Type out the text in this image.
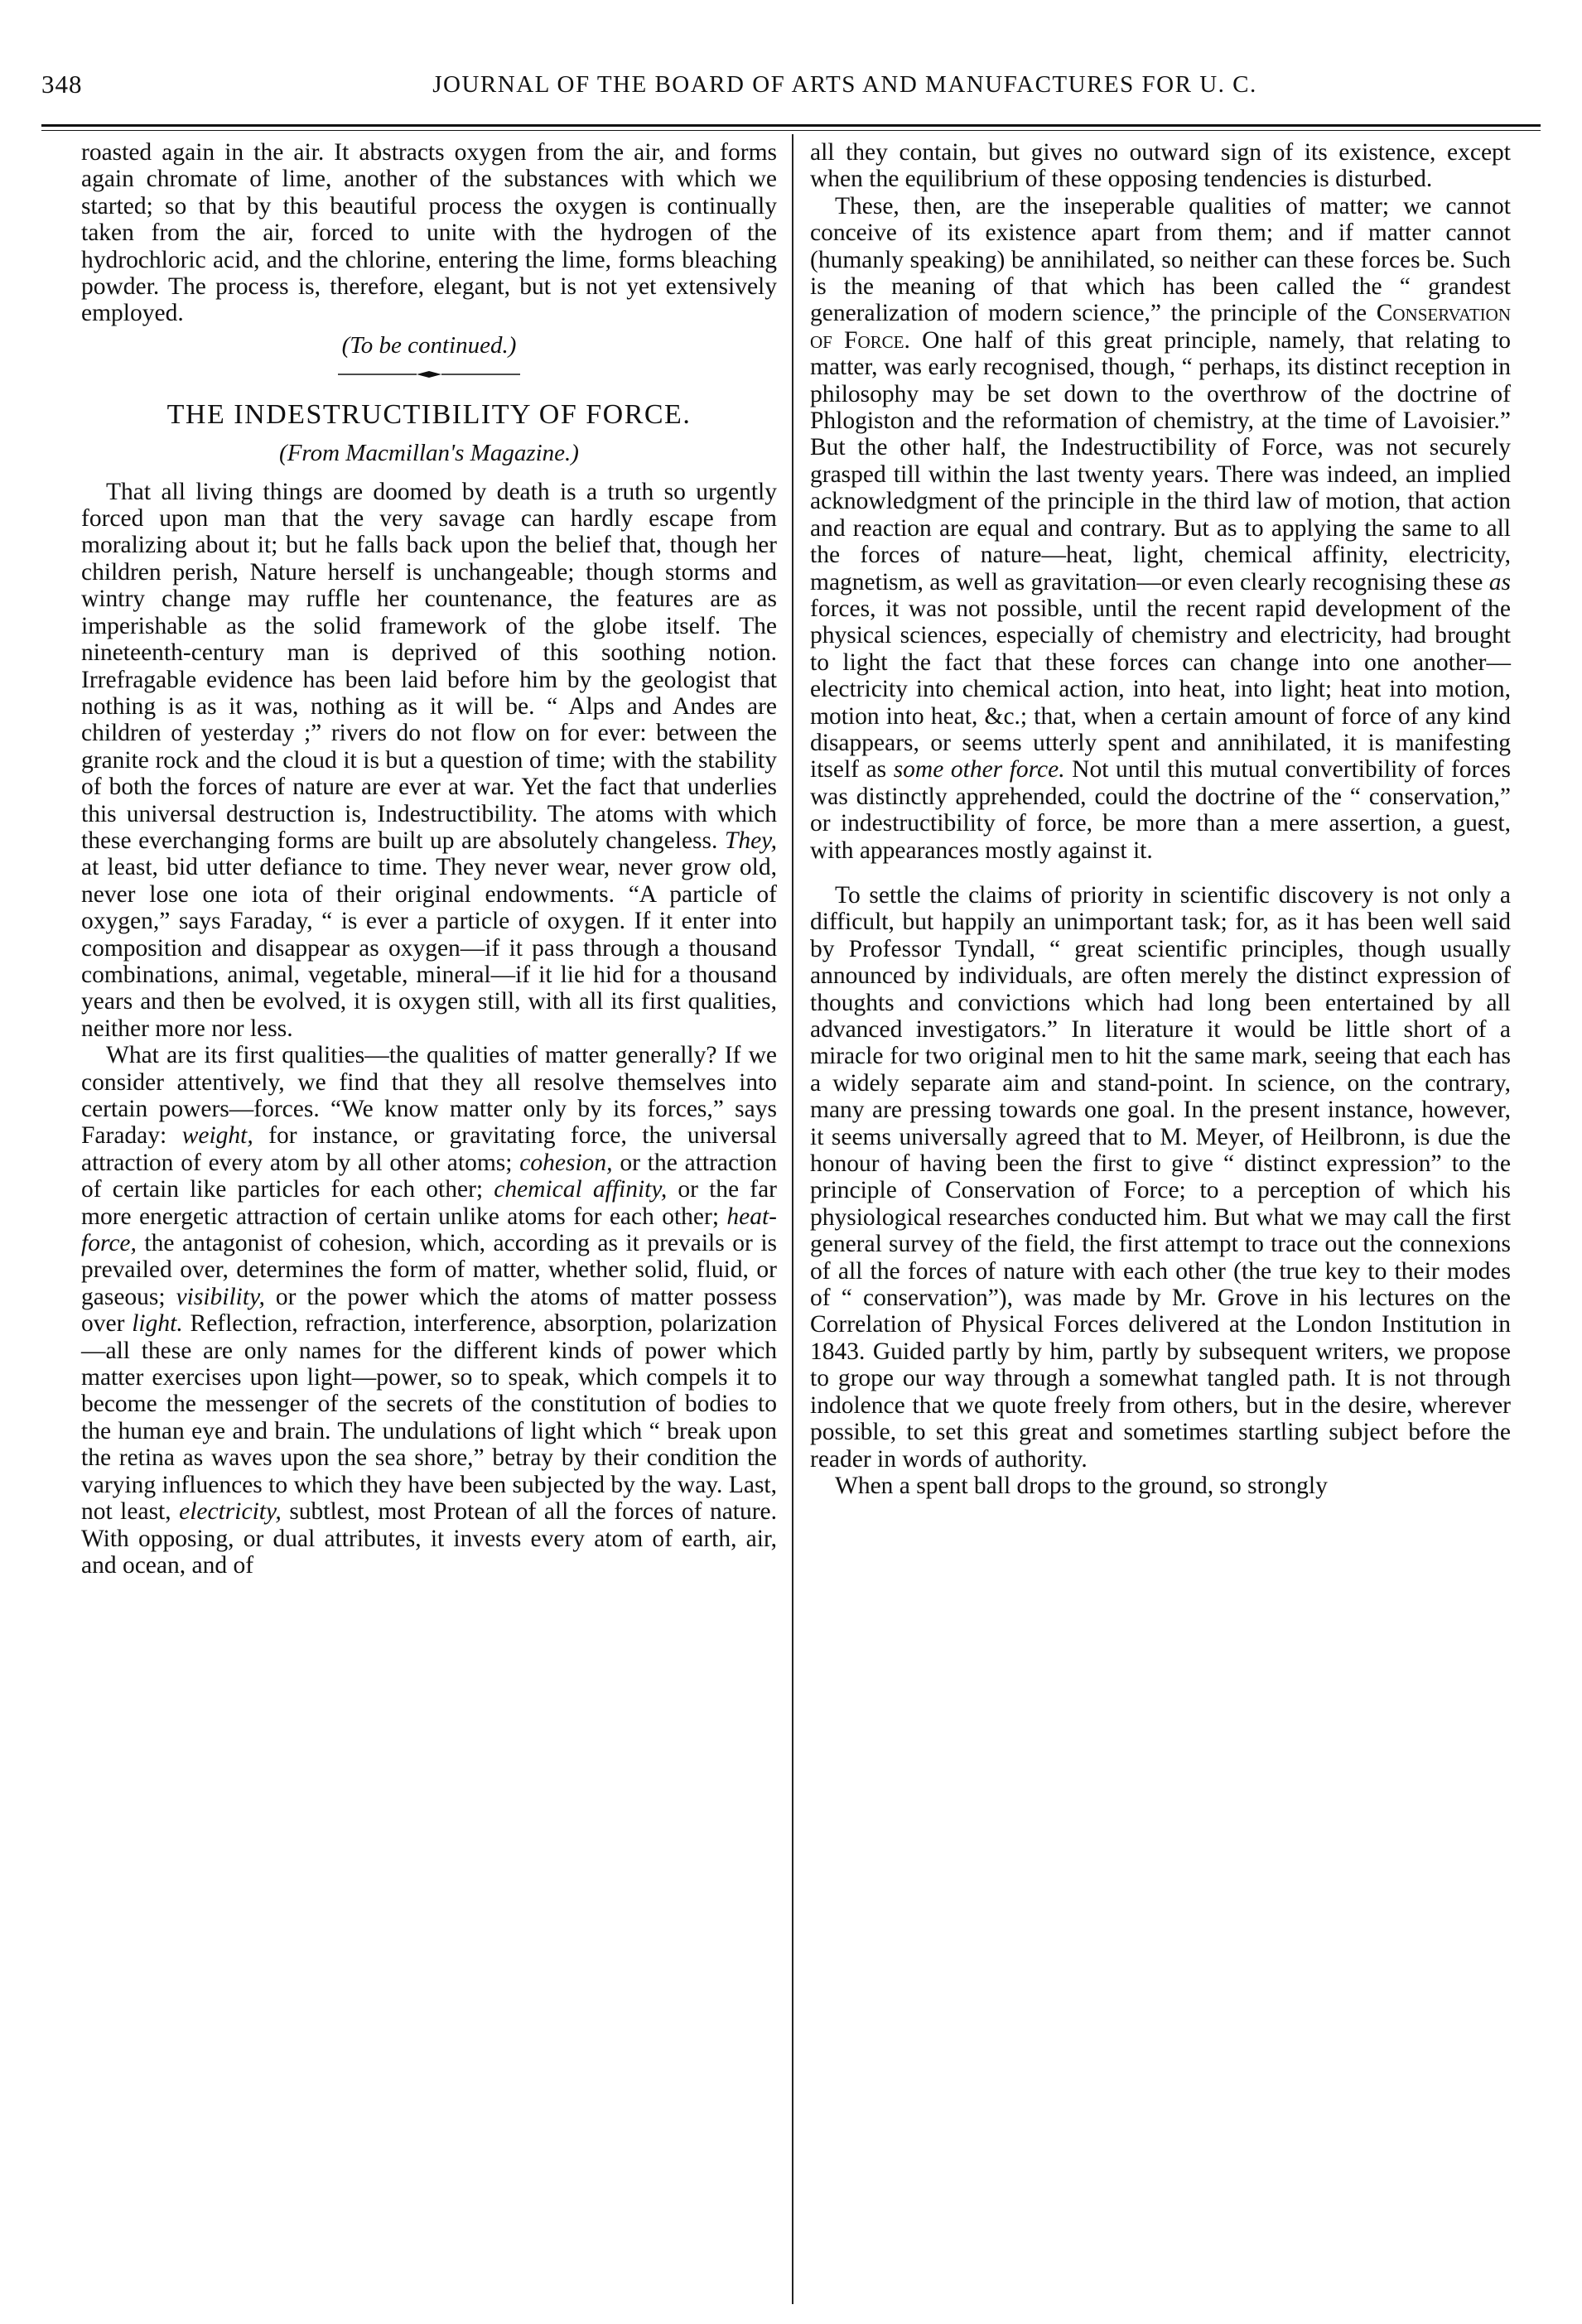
348	JOURNAL OF THE BOARD OF ARTS AND MANUFACTURES FOR U. C.

roasted again in the air. It abstracts oxygen from the air, and forms again chromate of lime, another of the substances with which we started; so that by this beautiful process the oxygen is continually taken from the air, forced to unite with the hydrogen of the hydrochloric acid, and the chlorine, entering the lime, forms bleaching powder. The process is, therefore, elegant, but is not yet extensively employed.

(To be continued.)
THE INDESTRUCTIBILITY OF FORCE.
(From Macmillan's Magazine.)

That all living things are doomed by death is a truth so urgently forced upon man that the very savage can hardly escape from moralizing about it; but he falls back upon the belief that, though her children perish, Nature herself is unchangeable; though storms and wintry change may ruffle her countenance, the features are as imperishable as the solid framework of the globe itself. The nineteenth-century man is deprived of this soothing notion. Irrefragable evidence has been laid before him by the geologist that nothing is as it was, nothing as it will be. “ Alps and Andes are children of yesterday ;” rivers do not flow on for ever: between the granite rock and the cloud it is but a question of time; with the stability of both the forces of nature are ever at war. Yet the fact that underlies this universal destruction is, Indestructibility. The atoms with which these everchanging forms are built up are absolutely changeless. They, at least, bid utter defiance to time. They never wear, never grow old, never lose one iota of their original endowments. “A particle of oxygen,” says Faraday, “ is ever a particle of oxygen. If it enter into composition and disappear as oxygen—if it pass through a thousand combinations, animal, vegetable, mineral—if it lie hid for a thousand years and then be evolved, it is oxygen still, with all its first qualities, neither more nor less.

What are its first qualities—the qualities of matter generally? If we consider attentively, we find that they all resolve themselves into certain powers—forces. “We know matter only by its forces,” says Faraday: weight, for instance, or gravitating force, the universal attraction of every atom by all other atoms; cohesion, or the attraction of certain like particles for each other; chemical affinity, or the far more energetic attraction of certain unlike atoms for each other; heat-force, the antagonist of cohesion, which, according as it prevails or is prevailed over, determines the form of matter, whether solid, fluid, or gaseous; visibility, or the power which the atoms of matter possess over light. Reflection, refraction, interference, absorption, polarization—all these are only names for the different kinds of power which matter exercises upon light—power, so to speak, which compels it to become the messenger of the secrets of the constitution of bodies to the human eye and brain. The undulations of light which “ break upon the retina as waves upon the sea shore,” betray by their condition the varying influences to which they have been subjected by the way. Last, not least, electricity, subtlest, most Protean of all the forces of nature. With opposing, or dual attributes, it invests every atom of earth, air, and ocean, and of

all they contain, but gives no outward sign of its existence, except when the equilibrium of these opposing tendencies is disturbed.

These, then, are the inseperable qualities of matter; we cannot conceive of its existence apart from them; and if matter cannot (humanly speaking) be annihilated, so neither can these forces be. Such is the meaning of that which has been called the “ grandest generalization of modern science,” the principle of the Conservation of Force. One half of this great principle, namely, that relating to matter, was early recognised, though, “ perhaps, its distinct reception in philosophy may be set down to the overthrow of the doctrine of Phlogiston and the reformation of chemistry, at the time of Lavoisier.” But the other half, the Indestructibility of Force, was not securely grasped till within the last twenty years. There was indeed, an implied acknowledgment of the principle in the third law of motion, that action and reaction are equal and contrary. But as to applying the same to all the forces of nature—heat, light, chemical affinity, electricity, magnetism, as well as gravitation—or even clearly recognising these as forces, it was not possible, until the recent rapid development of the physical sciences, especially of chemistry and electricity, had brought to light the fact that these forces can change into one another—electricity into chemical action, into heat, into light; heat into motion, motion into heat, &c.; that, when a certain amount of force of any kind disappears, or seems utterly spent and annihilated, it is manifesting itself as some other force. Not until this mutual convertibility of forces was distinctly apprehended, could the doctrine of the “ conservation,” or indestructibility of force, be more than a mere assertion, a guest, with appearances mostly against it.

To settle the claims of priority in scientific discovery is not only a difficult, but happily an unimportant task; for, as it has been well said by Professor Tyndall, “ great scientific principles, though usually announced by individuals, are often merely the distinct expression of thoughts and convictions which had long been entertained by all advanced investigators.” In literature it would be little short of a miracle for two original men to hit the same mark, seeing that each has a widely separate aim and stand-point. In science, on the contrary, many are pressing towards one goal. In the present instance, however, it seems universally agreed that to M. Meyer, of Heilbronn, is due the honour of having been the first to give “ distinct expression” to the principle of Conservation of Force; to a perception of which his physiological researches conducted him. But what we may call the first general survey of the field, the first attempt to trace out the connexions of all the forces of nature with each other (the true key to their modes of “ conservation”), was made by Mr. Grove in his lectures on the Correlation of Physical Forces delivered at the London Institution in 1843. Guided partly by him, partly by subsequent writers, we propose to grope our way through a somewhat tangled path. It is not through indolence that we quote freely from others, but in the desire, wherever possible, to set this great and sometimes startling subject before the reader in words of authority.

When a spent ball drops to the ground, so strongly
